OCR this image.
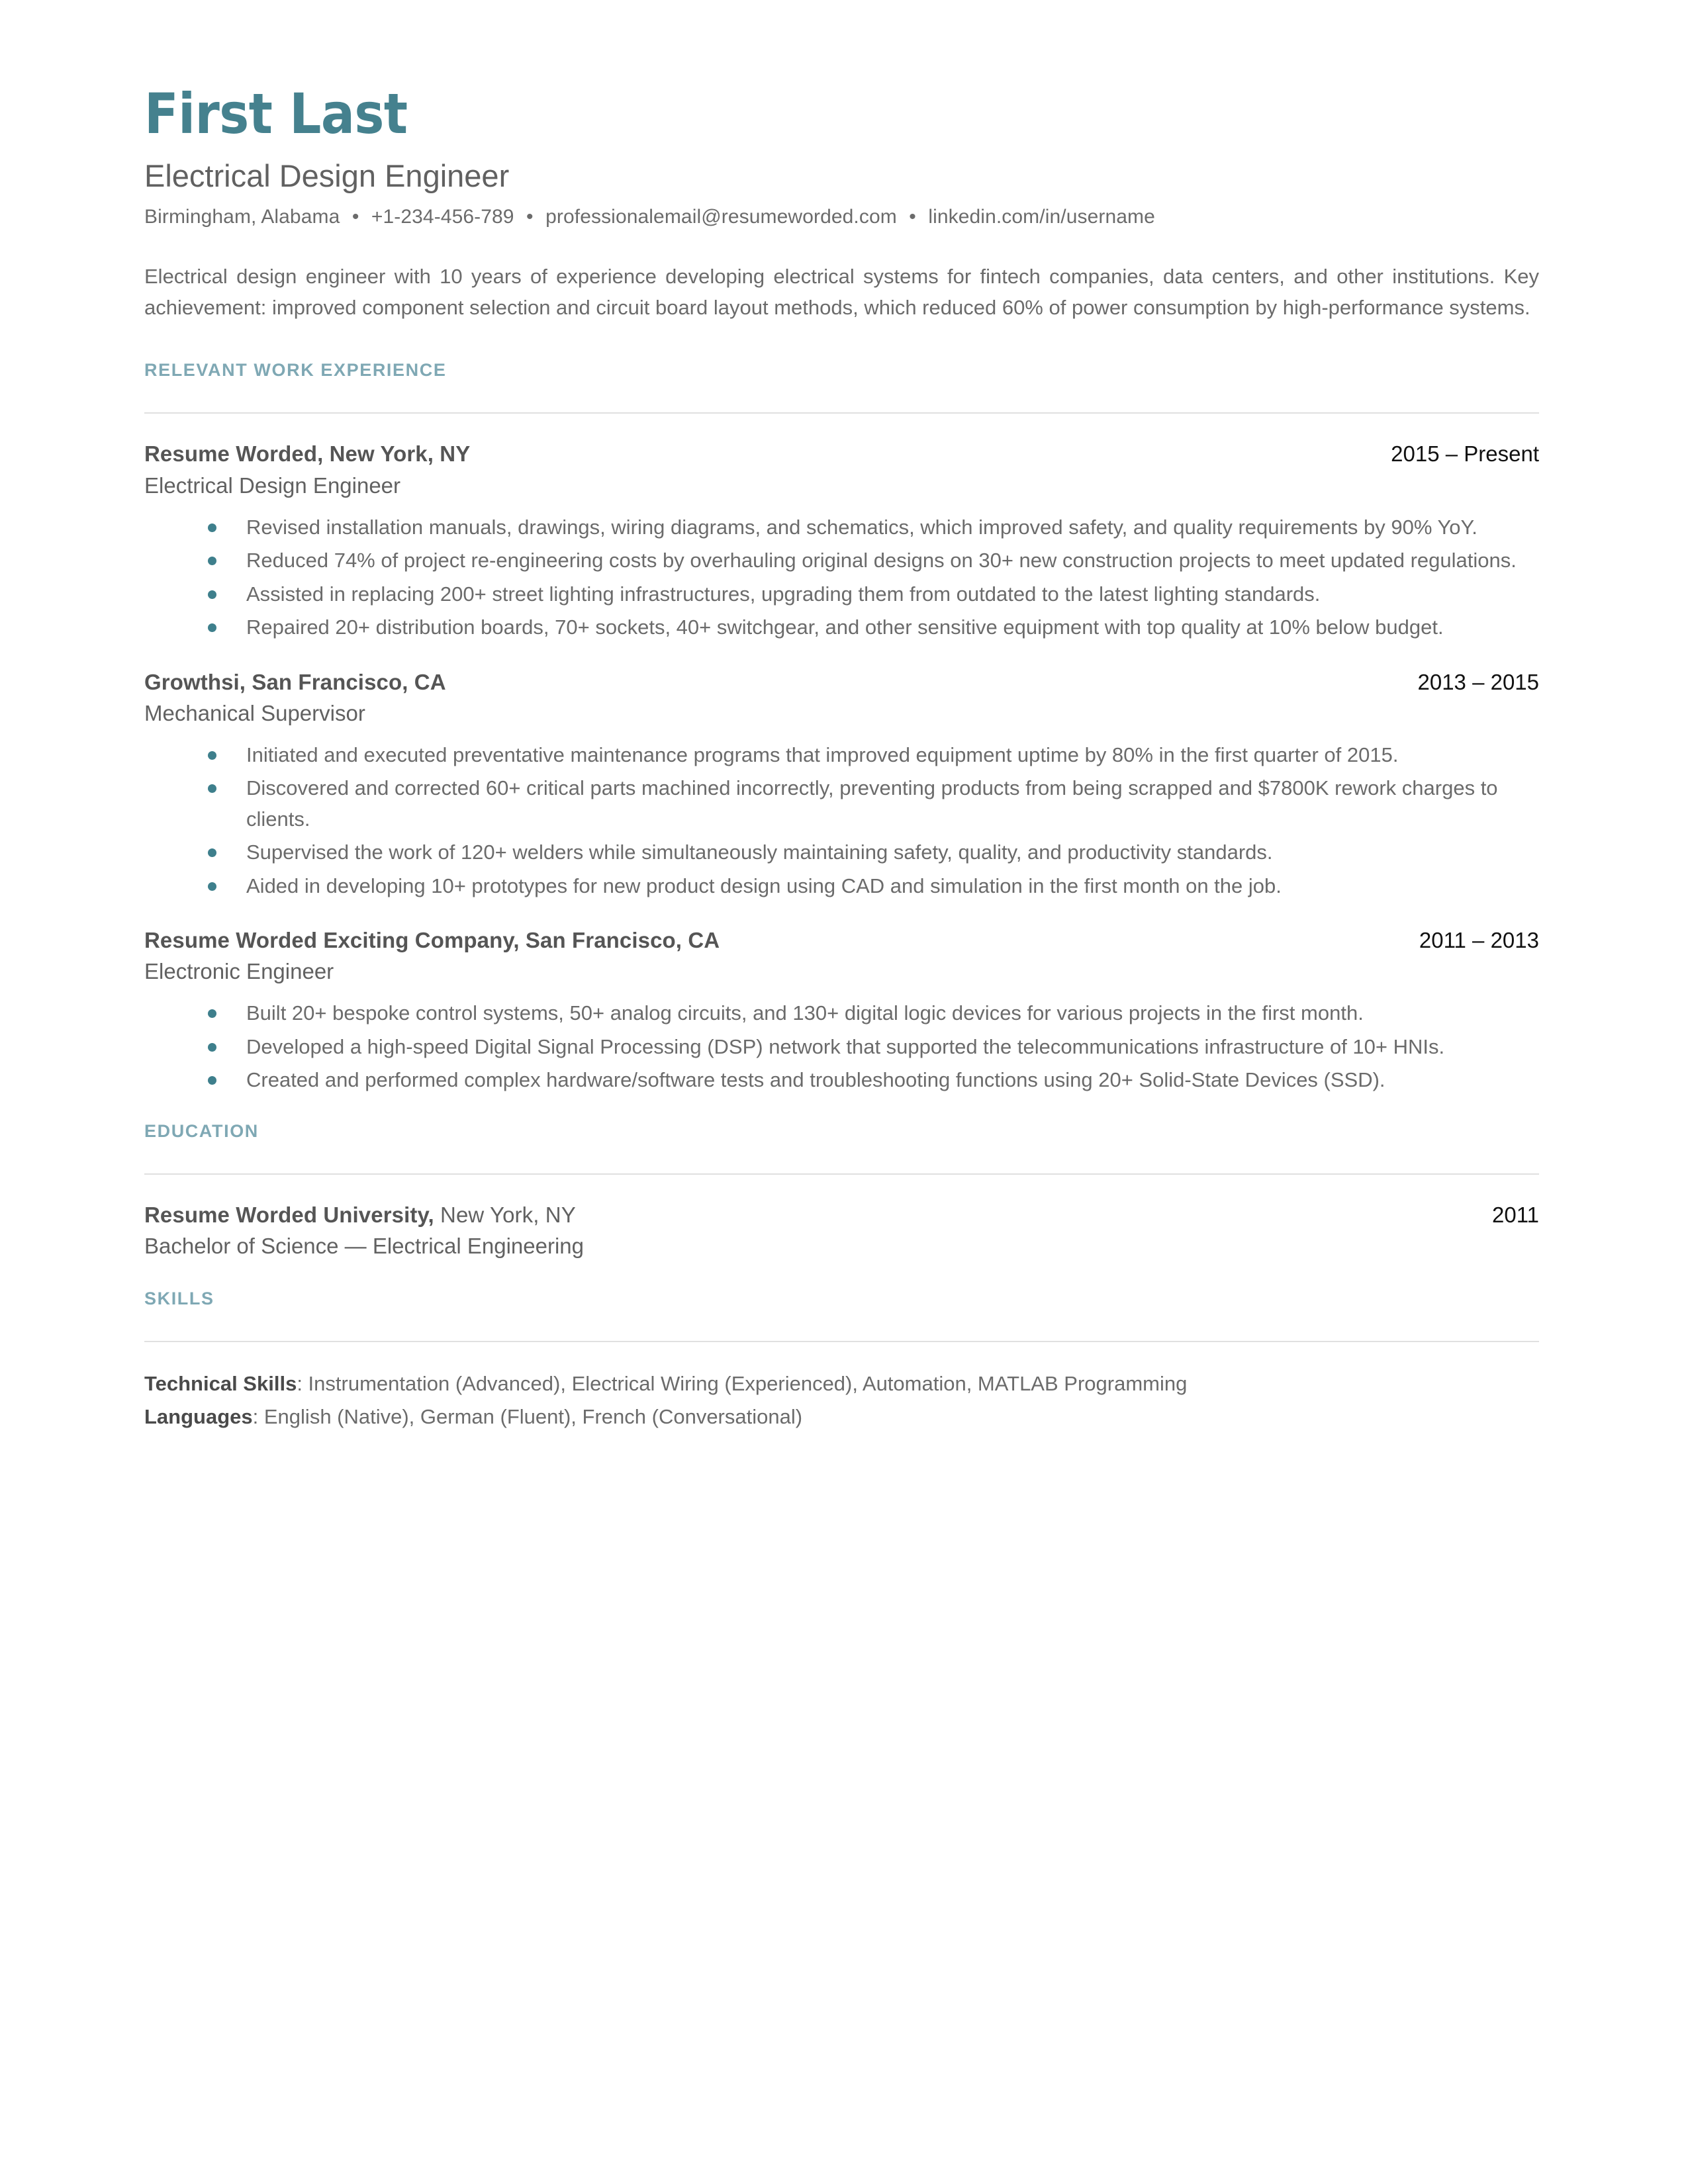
First Last
Electrical Design Engineer
Birmingham, Alabama • +1-234-456-789 • professionalemail@resumeworded.com • linkedin.com/in/username

Electrical design engineer with 10 years of experience developing electrical systems for fintech companies, data centers, and other institutions. Key achievement: improved component selection and circuit board layout methods, which reduced 60% of power consumption by high-performance systems.

RELEVANT WORK EXPERIENCE
Resume Worded, New York, NY	2015 – Present
Electrical Design Engineer
Revised installation manuals, drawings, wiring diagrams, and schematics, which improved safety, and quality requirements by 90% YoY.
Reduced 74% of project re-engineering costs by overhauling original designs on 30+ new construction projects to meet updated regulations.
Assisted in replacing 200+ street lighting infrastructures, upgrading them from outdated to the latest lighting standards.
Repaired 20+ distribution boards, 70+ sockets, 40+ switchgear, and other sensitive equipment with top quality at 10% below budget.
Growthsi, San Francisco, CA	2013 – 2015
Mechanical Supervisor
Initiated and executed preventative maintenance programs that improved equipment uptime by 80% in the first quarter of 2015.
Discovered and corrected 60+ critical parts machined incorrectly, preventing products from being scrapped and $7800K rework charges to clients.
Supervised the work of 120+ welders while simultaneously maintaining safety, quality, and productivity standards.
Aided in developing 10+ prototypes for new product design using CAD and simulation in the first month on the job.
Resume Worded Exciting Company, San Francisco, CA	2011 – 2013
Electronic Engineer
Built 20+ bespoke control systems, 50+ analog circuits, and 130+ digital logic devices for various projects in the first month.
Developed a high-speed Digital Signal Processing (DSP) network that supported the telecommunications infrastructure of 10+ HNIs.
Created and performed complex hardware/software tests and troubleshooting functions using 20+ Solid-State Devices (SSD).
EDUCATION
Resume Worded University, New York, NY	2011
Bachelor of Science — Electrical Engineering
SKILLS
Technical Skills: Instrumentation (Advanced), Electrical Wiring (Experienced), Automation, MATLAB Programming
Languages: English (Native), German (Fluent), French (Conversational)
